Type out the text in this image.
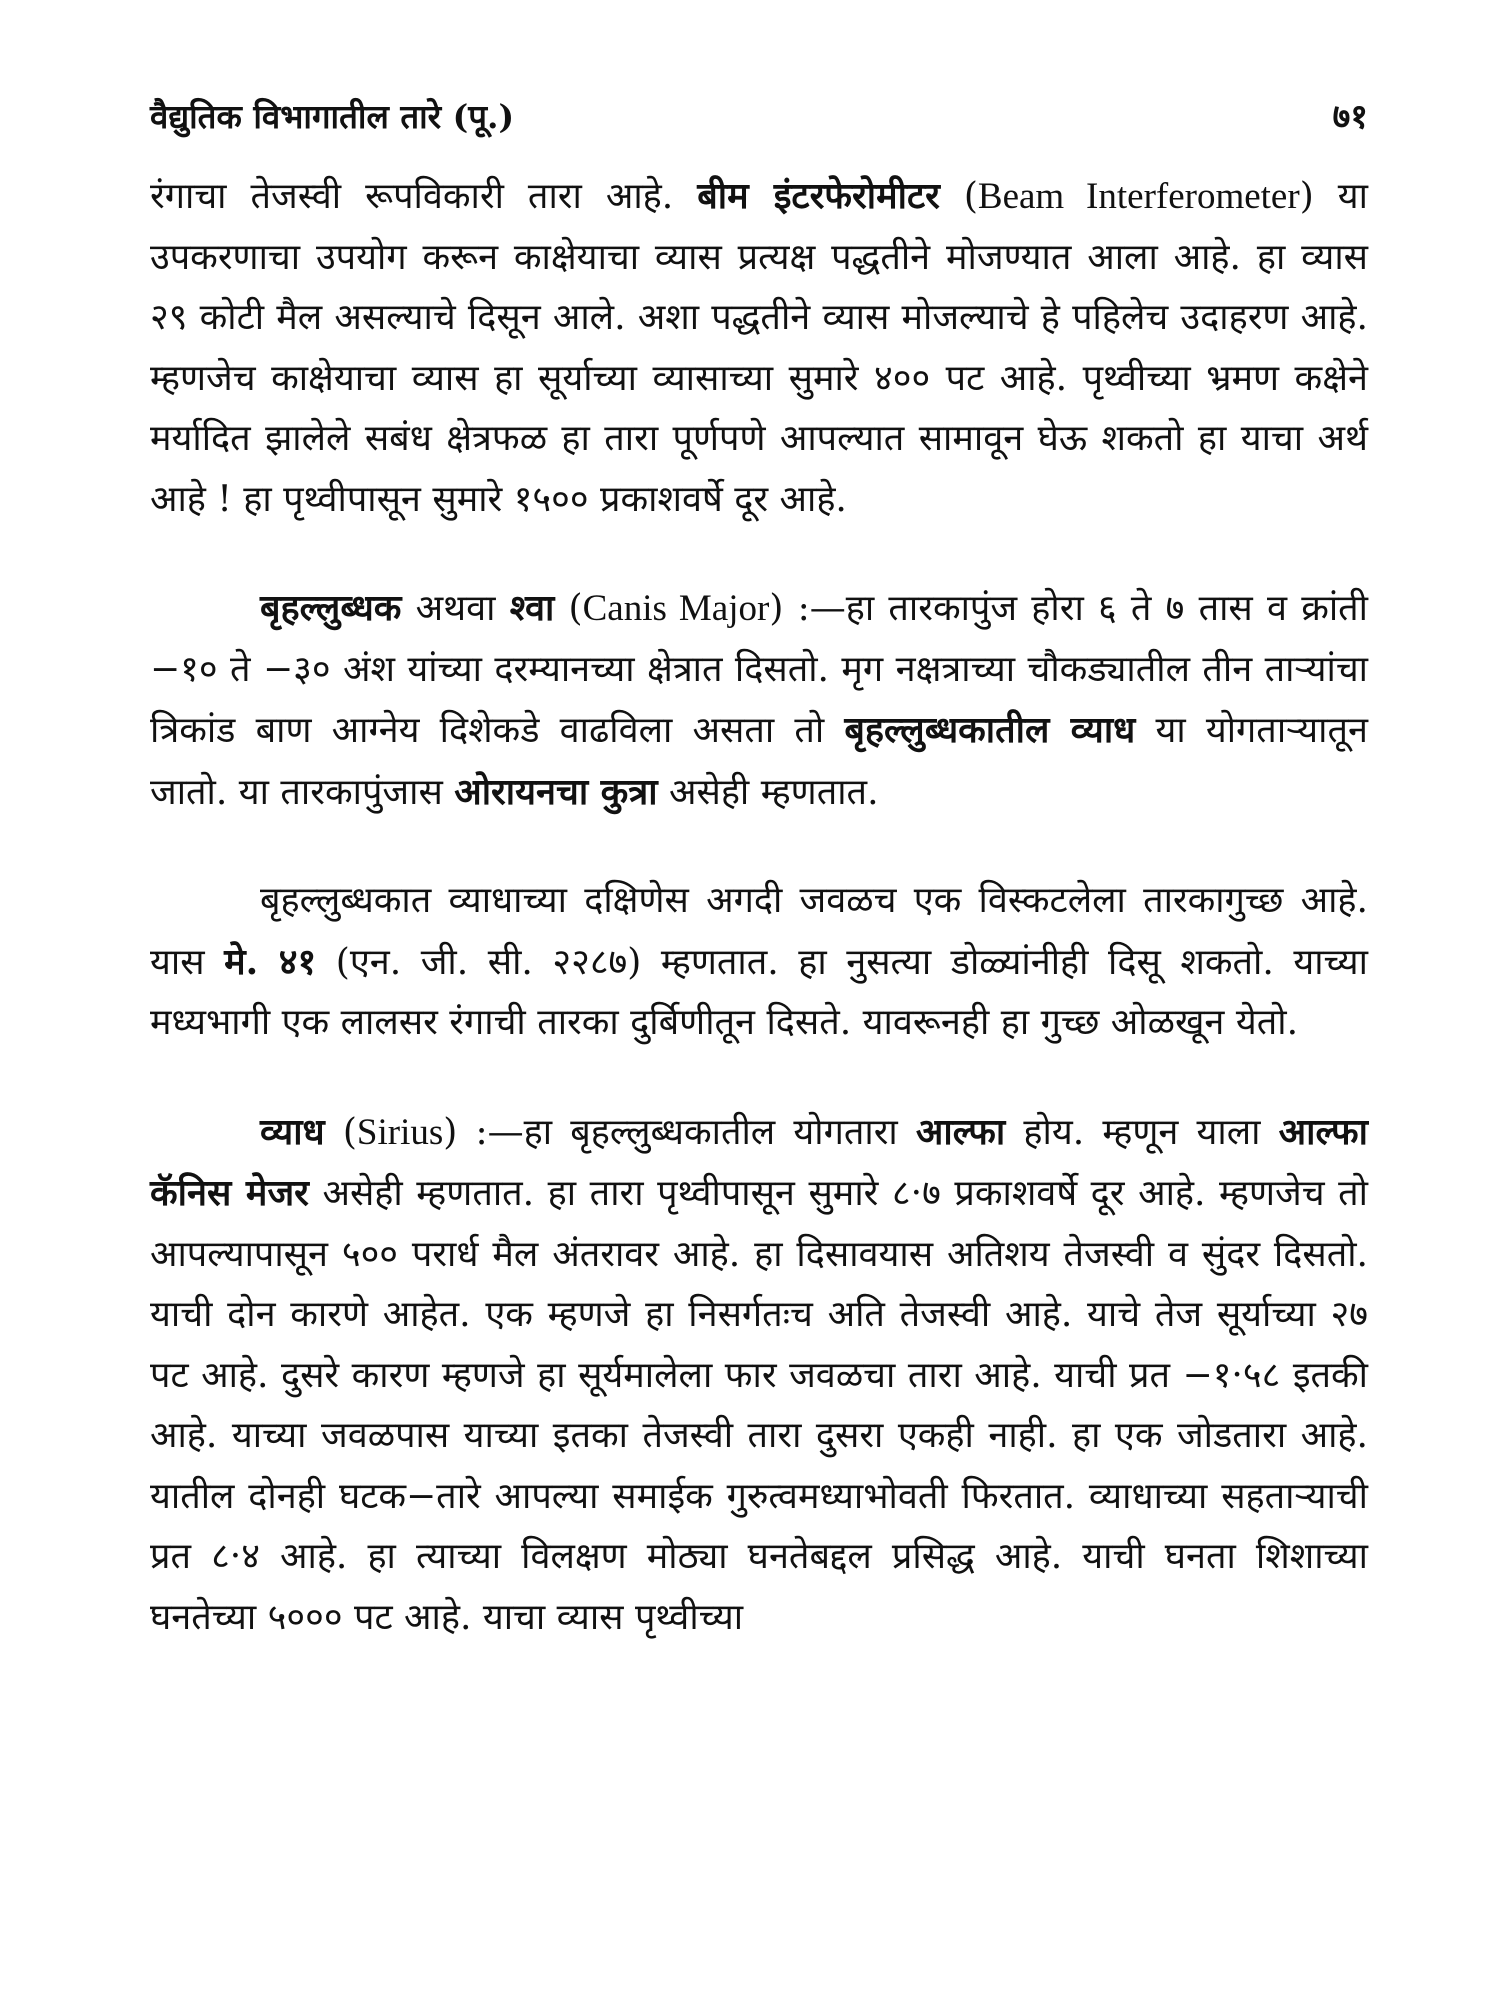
वैद्युतिक विभागातील तारे (पू.)	७१

रंगाचा तेजस्वी रूपविकारी तारा आहे. बीम इंटरफेरोमीटर (Beam Interferometer) या उपकरणाचा उपयोग करून काक्षेयाचा व्यास प्रत्यक्ष पद्धतीने मोजण्यात आला आहे. हा व्यास २९ कोटी मैल असल्याचे दिसून आले. अशा पद्धतीने व्यास मोजल्याचे हे पहिलेच उदाहरण आहे. म्हणजेच काक्षेयाचा व्यास हा सूर्याच्या व्यासाच्या सुमारे ४०० पट आहे. पृथ्वीच्या भ्रमण कक्षेने मर्यादित झालेले सबंध क्षेत्रफळ हा तारा पूर्णपणे आपल्यात सामावून घेऊ शकतो हा याचा अर्थ आहे ! हा पृथ्वीपासून सुमारे १५०० प्रकाशवर्षे दूर आहे.

बृहल्लुब्धक अथवा श्वा (Canis Major) :—हा तारकापुंज होरा ६ ते ७ तास व क्रांती −१० ते −३० अंश यांच्या दरम्यानच्या क्षेत्रात दिसतो. मृग नक्षत्राच्या चौकड्यातील तीन ताऱ्यांचा त्रिकांड बाण आग्नेय दिशेकडे वाढविला असता तो बृहल्लुब्धकातील व्याध या योगताऱ्यातून जातो. या तारकापुंजास ओरायनचा कुत्रा असेही म्हणतात.

बृहल्लुब्धकात व्याधाच्या दक्षिणेस अगदी जवळच एक विस्कटलेला तारकागुच्छ आहे. यास मे. ४१ (एन. जी. सी. २२८७) म्हणतात. हा नुसत्या डोळ्यांनीही दिसू शकतो. याच्या मध्यभागी एक लालसर रंगाची तारका दुर्बिणीतून दिसते. यावरूनही हा गुच्छ ओळखून येतो.

व्याध (Sirius) :—हा बृहल्लुब्धकातील योगतारा आल्फा होय. म्हणून याला आल्फा कॅनिस मेजर असेही म्हणतात. हा तारा पृथ्वीपासून सुमारे ८·७ प्रकाशवर्षे दूर आहे. म्हणजेच तो आपल्यापासून ५०० परार्ध मैल अंतरावर आहे. हा दिसावयास अतिशय तेजस्वी व सुंदर दिसतो. याची दोन कारणे आहेत. एक म्हणजे हा निसर्गतःच अति तेजस्वी आहे. याचे तेज सूर्याच्या २७ पट आहे. दुसरे कारण म्हणजे हा सूर्यमालेला फार जवळचा तारा आहे. याची प्रत −१·५८ इतकी आहे. याच्या जवळपास याच्या इतका तेजस्वी तारा दुसरा एकही नाही. हा एक जोडतारा आहे. यातील दोनही घटक−तारे आपल्या समाईक गुरुत्वमध्याभोवती फिरतात. व्याधाच्या सहताऱ्याची प्रत ८·४ आहे. हा त्याच्या विलक्षण मोठ्या घनतेबद्दल प्रसिद्ध आहे. याची घनता शिशाच्या घनतेच्या ५००० पट आहे. याचा व्यास पृथ्वीच्या
